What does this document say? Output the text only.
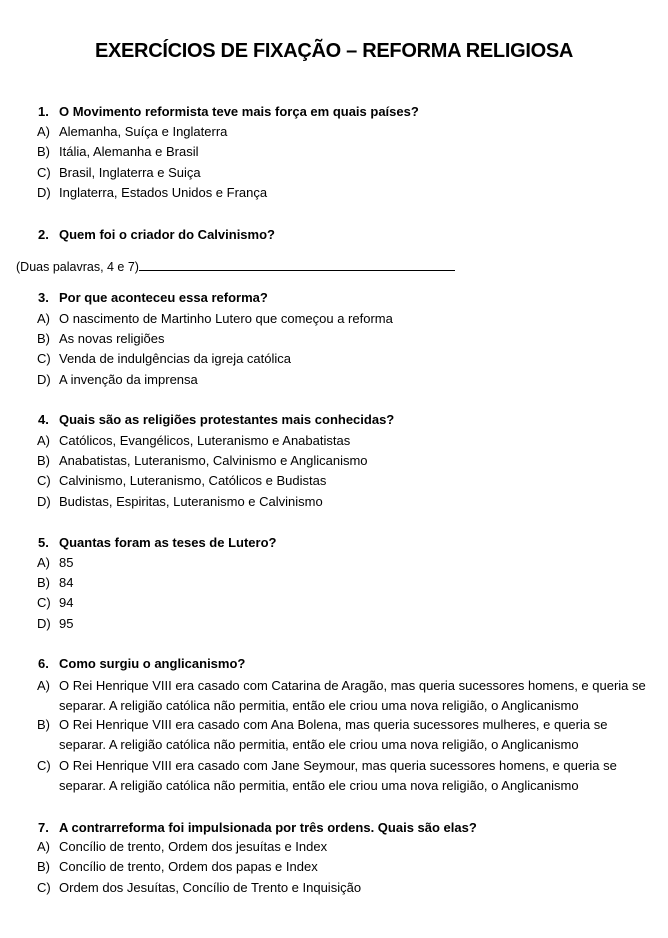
EXERCÍCIOS DE FIXAÇÃO – REFORMA RELIGIOSA
1. O Movimento reformista teve mais força em quais países?
A) Alemanha, Suíça e Inglaterra
B) Itália, Alemanha e Brasil
C) Brasil, Inglaterra e Suiça
D) Inglaterra, Estados Unidos e França
2. Quem foi o criador do Calvinismo?
(Duas palavras, 4 e 7)
3. Por que aconteceu essa reforma?
A) O nascimento de Martinho Lutero que começou a reforma
B) As novas religiões
C) Venda de indulgências da igreja católica
D) A invenção da imprensa
4. Quais são as religiões protestantes mais conhecidas?
A) Católicos, Evangélicos, Luteranismo e Anabatistas
B) Anabatistas, Luteranismo, Calvinismo e Anglicanismo
C) Calvinismo, Luteranismo, Católicos e Budistas
D) Budistas, Espiritas, Luteranismo e Calvinismo
5. Quantas foram as teses de Lutero?
A) 85
B) 84
C) 94
D) 95
6. Como surgiu o anglicanismo?
A) O Rei Henrique VIII era casado com Catarina de Aragão, mas queria sucessores homens, e queria se separar. A religião católica não permitia, então ele criou uma nova religião, o Anglicanismo
B) O Rei Henrique VIII era casado com Ana Bolena, mas queria sucessores mulheres, e queria se separar. A religião católica não permitia, então ele criou uma nova religião, o Anglicanismo
C) O Rei Henrique VIII era casado com Jane Seymour, mas queria sucessores homens, e queria se separar. A religião católica não permitia, então ele criou uma nova religião, o Anglicanismo
7. A contrarreforma foi impulsionada por três ordens. Quais são elas?
A) Concílio de trento, Ordem dos jesuítas e Index
B) Concílio de trento, Ordem dos papas e Index
C) Ordem dos Jesuítas, Concílio de Trento e Inquisição
